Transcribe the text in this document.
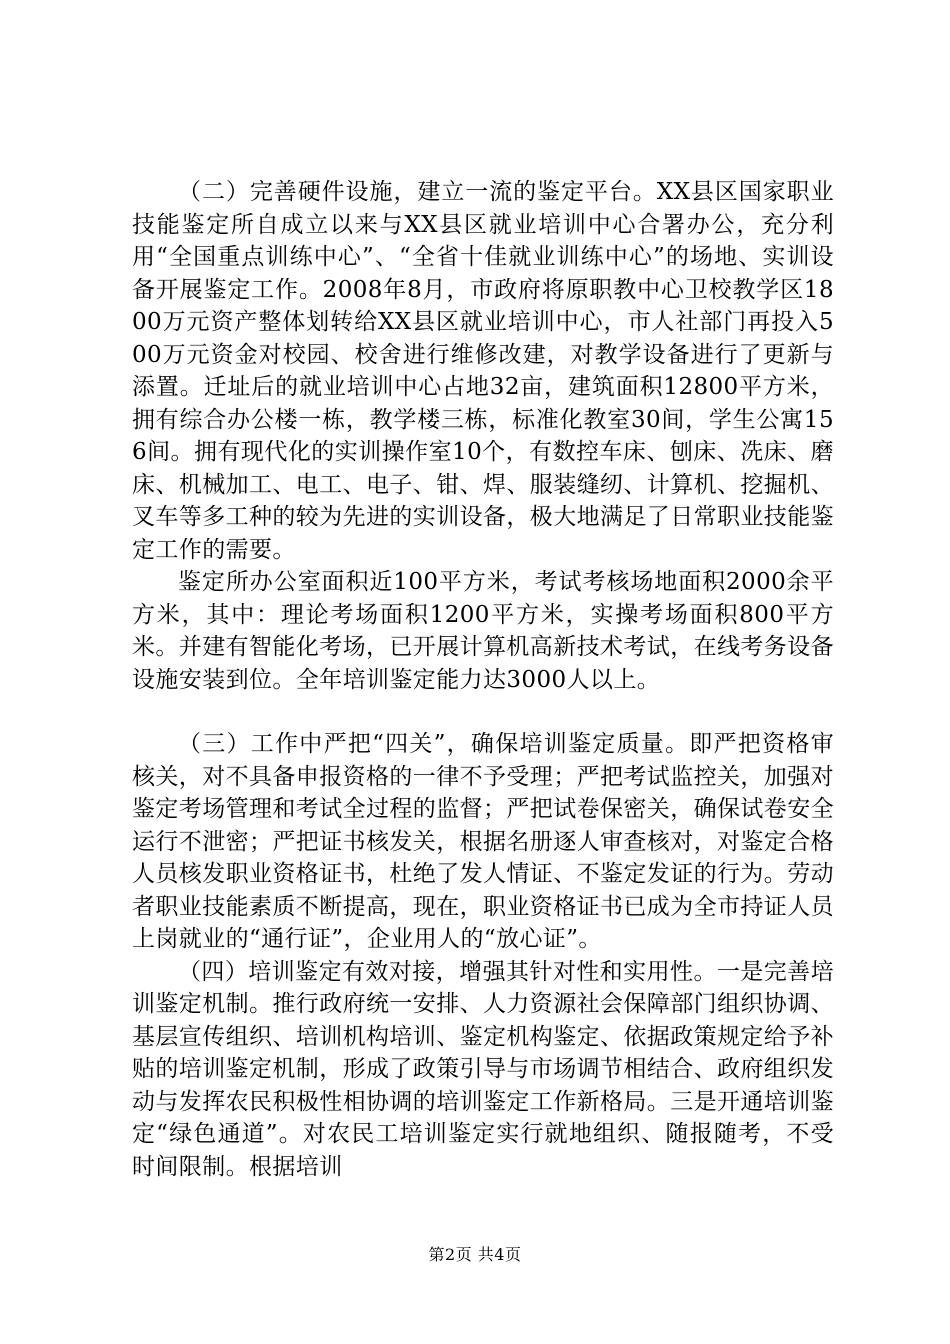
（二）完善硬件设施，建立一流的鉴定平台。XX县区国家职业技能鉴定所自成立以来与XX县区就业培训中心合署办公，充分利用“全国重点训练中心”、“全省十佳就业训练中心”的场地、实训设备开展鉴定工作。2008年8月，市政府将原职教中心卫校教学区1800万元资产整体划转给XX县区就业培训中心，市人社部门再投入500万元资金对校园、校舍进行维修改建，对教学设备进行了更新与添置。迁址后的就业培训中心占地32亩，建筑面积12800平方米，拥有综合办公楼一栋，教学楼三栋，标准化教室30间，学生公寓156间。拥有现代化的实训操作室10个，有数控车床、刨床、冼床、磨床、机械加工、电工、电子、钳、焊、服装缝纫、计算机、挖掘机、叉车等多工种的较为先进的实训设备，极大地满足了日常职业技能鉴定工作的需要。

鉴定所办公室面积近100平方米，考试考核场地面积2000余平方米，其中：理论考场面积1200平方米，实操考场面积800平方米。并建有智能化考场，已开展计算机高新技术考试，在线考务设备设施安装到位。全年培训鉴定能力达3000人以上。

（三）工作中严把“四关”，确保培训鉴定质量。即严把资格审核关，对不具备申报资格的一律不予受理；严把考试监控关，加强对鉴定考场管理和考试全过程的监督；严把试卷保密关，确保试卷安全运行不泄密；严把证书核发关，根据名册逐人审查核对，对鉴定合格人员核发职业资格证书，杜绝了发人情证、不鉴定发证的行为。劳动者职业技能素质不断提高，现在，职业资格证书已成为全市持证人员上岗就业的“通行证”，企业用人的“放心证”。

（四）培训鉴定有效对接，增强其针对性和实用性。一是完善培训鉴定机制。推行政府统一安排、人力资源社会保障部门组织协调、基层宣传组织、培训机构培训、鉴定机构鉴定、依据政策规定给予补贴的培训鉴定机制，形成了政策引导与市场调节相结合、政府组织发动与发挥农民积极性相协调的培训鉴定工作新格局。三是开通培训鉴定“绿色通道”。对农民工培训鉴定实行就地组织、随报随考，不受时间限制。根据培训

第2页 共4页
